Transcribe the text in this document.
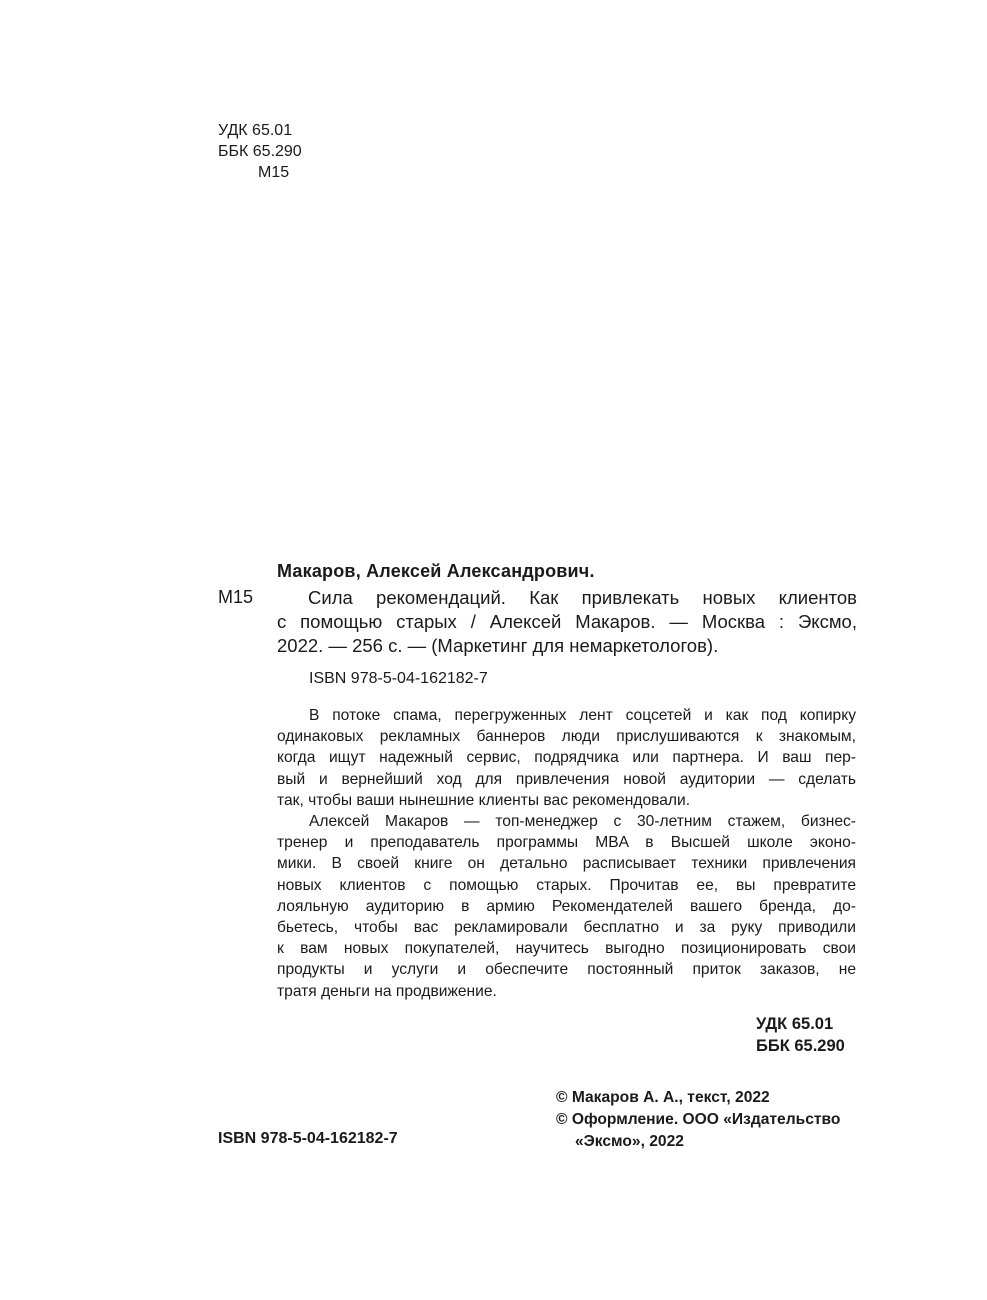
УДК 65.01
ББК 65.290
М15
Макаров, Алексей Александрович.
М15	Сила рекомендаций. Как привлекать новых клиентов
с помощью старых / Алексей Макаров. — Москва : Эксмо,
2022. — 256 с. — (Маркетинг для немаркетологов).
ISBN 978-5-04-162182-7
В потоке спама, перегруженных лент соцсетей и как под копирку
одинаковых рекламных баннеров люди прислушиваются к знакомым,
когда ищут надежный сервис, подрядчика или партнера. И ваш пер-
вый и вернейший ход для привлечения новой аудитории — сделать
так, чтобы ваши нынешние клиенты вас рекомендовали.
Алексей Макаров — топ-менеджер с 30-летним стажем, бизнес-
тренер и преподаватель программы MBA в Высшей школе эконо-
мики. В своей книге он детально расписывает техники привлечения
новых клиентов с помощью старых. Прочитав ее, вы превратите
лояльную аудиторию в армию Рекомендателей вашего бренда, до-
бьетесь, чтобы вас рекламировали бесплатно и за руку приводили
к вам новых покупателей, научитесь выгодно позиционировать свои
продукты и услуги и обеспечите постоянный приток заказов, не
тратя деньги на продвижение.
УДК 65.01
ББК 65.290
© Макаров А. А., текст, 2022
© Оформление. ООО «Издательство
«Эксмо», 2022
ISBN 978-5-04-162182-7
